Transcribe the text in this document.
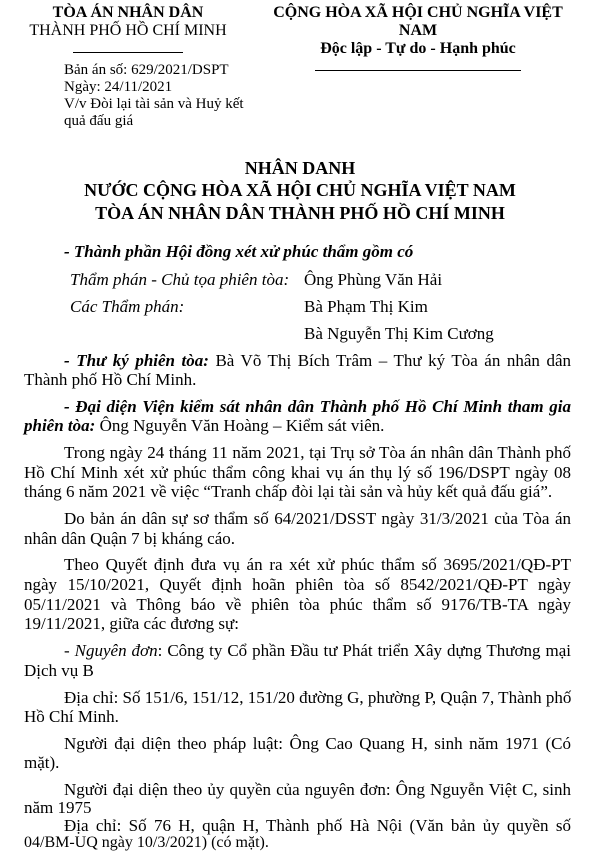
TÒA ÁN NHÂN DÂN
THÀNH PHỐ HỒ CHÍ MINH
CỘNG HÒA XÃ HỘI CHỦ NGHĨA VIỆT NAM
Độc lập - Tự do - Hạnh phúc
Bản án số: 629/2021/DSPT
Ngày: 24/11/2021
V/v Đòi lại tài sản và Huỷ kết
quả đấu giá
NHÂN DANH
NƯỚC CỘNG HÒA XÃ HỘI CHỦ NGHĨA VIỆT NAM
TÒA ÁN NHÂN DÂN THÀNH PHỐ HỒ CHÍ MINH
- Thành phần Hội đồng xét xử phúc thẩm gồm có
Thẩm phán - Chủ tọa phiên tòa: Ông Phùng Văn Hải
Các Thẩm phán:	Bà Phạm Thị Kim
Bà Nguyễn Thị Kim Cương
- Thư ký phiên tòa: Bà Võ Thị Bích Trâm – Thư ký Tòa án nhân dân
Thành phố Hồ Chí Minh.
- Đại diện Viện kiểm sát nhân dân Thành phố Hồ Chí Minh tham gia
phiên tòa: Ông Nguyễn Văn Hoàng – Kiểm sát viên.
Trong ngày 24 tháng 11 năm 2021, tại Trụ sở Tòa án nhân dân Thành phố
Hồ Chí Minh xét xử phúc thẩm công khai vụ án thụ lý số 196/DSPT ngày 08
tháng 6 năm 2021 về việc “Tranh chấp đòi lại tài sản và hủy kết quả đấu giá”.
Do bản án dân sự sơ thẩm số 64/2021/DSST ngày 31/3/2021 của Tòa án
nhân dân Quận 7 bị kháng cáo.
Theo Quyết định đưa vụ án ra xét xử phúc thẩm số 3695/2021/QĐ-PT
ngày 15/10/2021, Quyết định hoãn phiên tòa số 8542/2021/QĐ-PT ngày
05/11/2021 và Thông báo về phiên tòa phúc thẩm số 9176/TB-TA ngày
19/11/2021, giữa các đương sự:
- Nguyên đơn: Công ty Cổ phần Đầu tư Phát triển Xây dựng Thương mại
Dịch vụ B
Địa chỉ: Số 151/6, 151/12, 151/20 đường G, phường P, Quận 7, Thành phố
Hồ Chí Minh.
Người đại diện theo pháp luật: Ông Cao Quang H, sinh năm 1971 (Có
mặt).
Người đại diện theo ủy quyền của nguyên đơn: Ông Nguyễn Việt C, sinh
năm 1975
Địa chỉ: Số 76 H, quận H, Thành phố Hà Nội (Văn bản ủy quyền số
04/BM-UQ ngày 10/3/2021) (có mặt).
